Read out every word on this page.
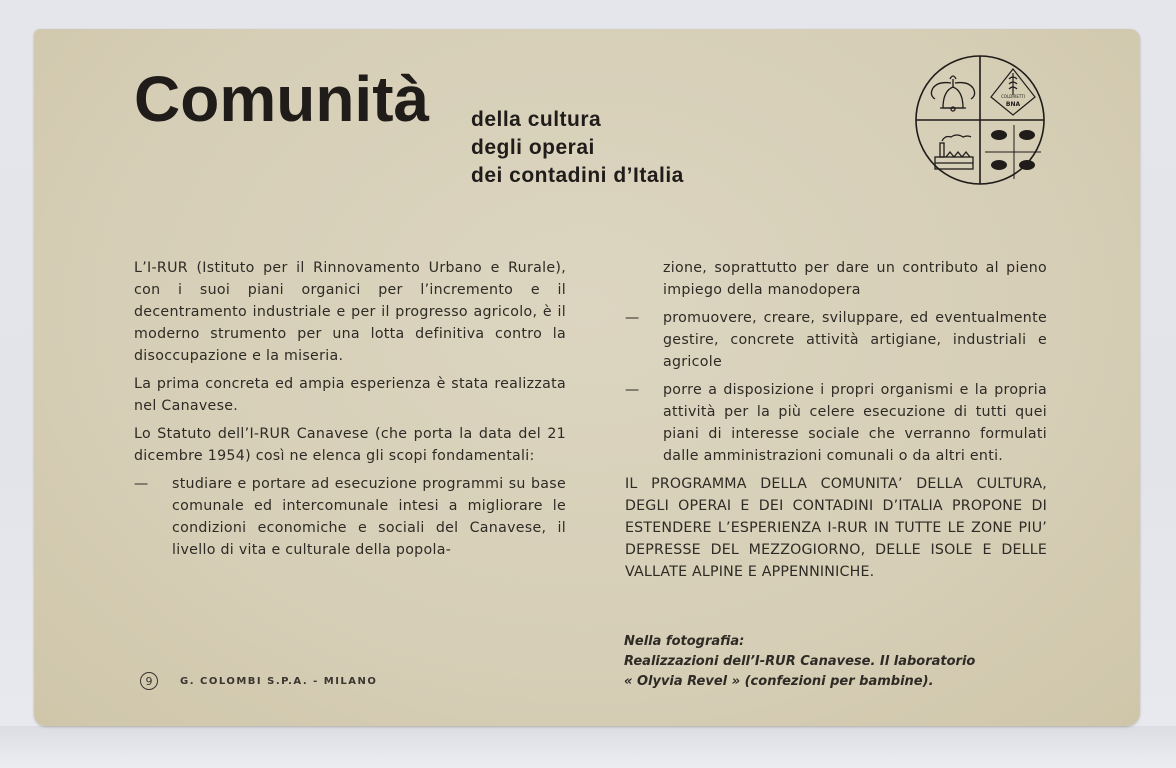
Comunità della cultura
degli operai
dei contadini d’Italia
COLDIRETTI
BNA

L’I-RUR (Istituto per il Rinnovamento Urbano e Rurale), con i suoi piani organici per l’incremento e il decentramento industriale e per il progresso agricolo, è il moderno strumento per una lotta definitiva contro la disoccupazione e la miseria.

La prima concreta ed ampia esperienza è stata realizzata nel Canavese.

Lo Statuto dell’I-RUR Canavese (che porta la data del 21 dicembre 1954) così ne elenca gli scopi fondamentali:

—	studiare e portare ad esecuzione programmi su base comunale ed intercomunale intesi a migliorare le condizioni economiche e sociali del Canavese, il livello di vita e culturale della popola-

zione, soprattutto per dare un contributo al pieno impiego della manodopera

—	promuovere, creare, sviluppare, ed eventualmente gestire, concrete attività artigiane, industriali e agricole
—	porre a disposizione i propri organismi e la propria attività per la più celere esecuzione di tutti quei piani di interesse sociale che verranno formulati dalle amministrazioni comunali o da altri enti.

IL PROGRAMMA DELLA COMUNITA’ DELLA CULTURA, DEGLI OPERAI E DEI CONTADINI D’ITALIA PROPONE DI ESTENDERE L’ESPERIENZA I-RUR IN TUTTE LE ZONE PIU’ DEPRESSE DEL MEZZOGIORNO, DELLE ISOLE E DELLE VALLATE ALPINE E APPENNINICHE.

Nella fotografia:
Realizzazioni dell’I-RUR Canavese. Il laboratorio
« Olyvia Revel » (confezioni per bambine).
9	G. COLOMBI S.P.A. - MILANO
